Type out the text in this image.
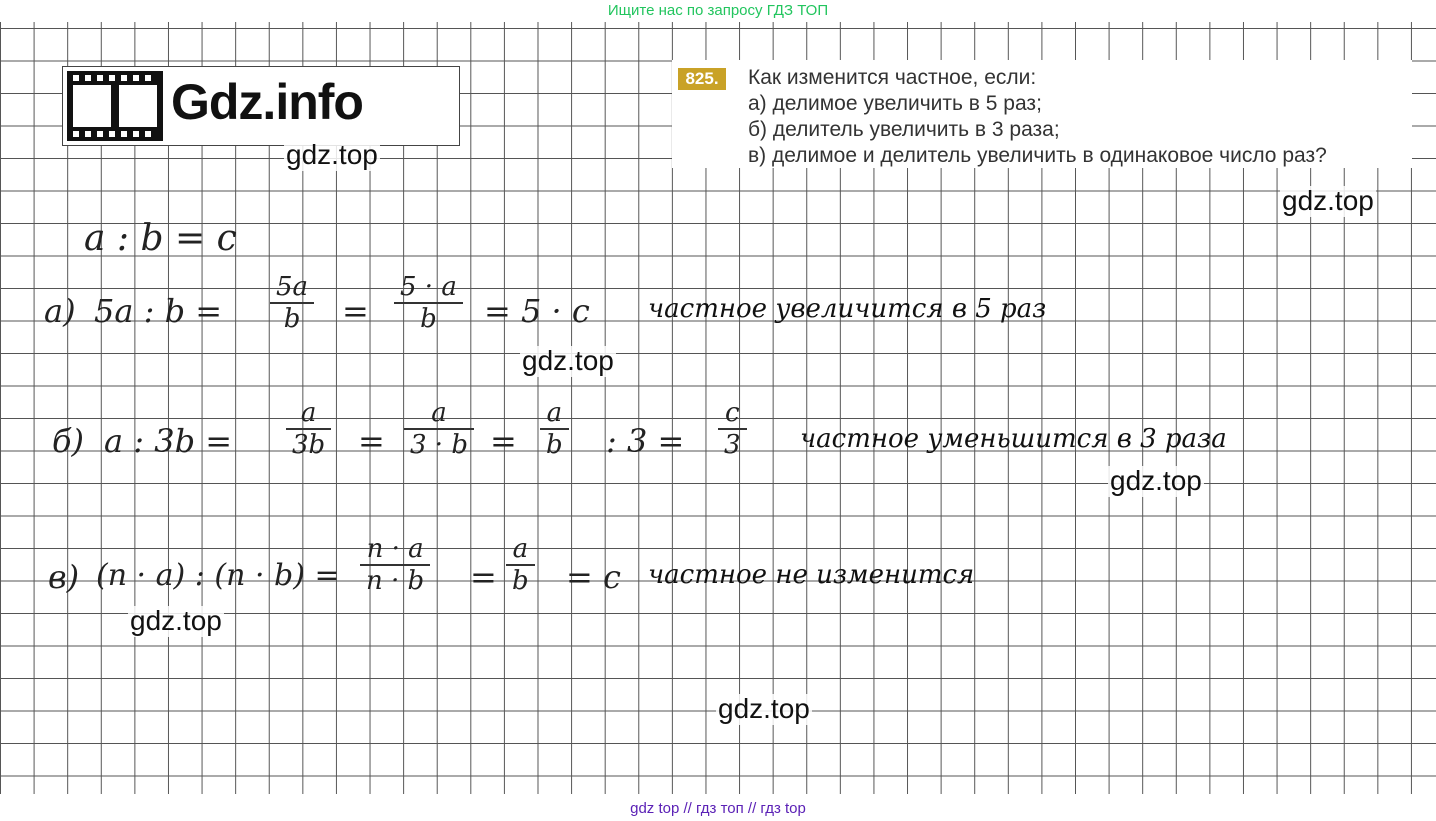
Ищите нас по запросу ГДЗ ТОП
Gdz.info	825.	Как изменится частное, если:
а) делимое увеличить в 5 раз;
б) делитель увеличить в 3 раза;
в) делимое и делитель увеличить в одинаковое число раз?
a : b = c
а) 5a : $b = \frac{5a}{b} = \frac{5 \cdot a}{b} = 5 \cdot c$ частное увеличится в 5 раз
б) a : $3b = \frac{a}{3b} = \frac{a}{3 \cdot b} = \frac{a}{b}$ : $3 = \frac{c}{3}$ частное уменьшится в 3 раза
в) (n · a) : $(n \cdot b) = \frac{n \cdot a}{n \cdot b} = \frac{a}{b} = c$ частное не изменится
gdz.top
gdz.top
gdz.top
gdz.top
gdz.top
gdz.top
gdz top // гдз топ // гдз top
